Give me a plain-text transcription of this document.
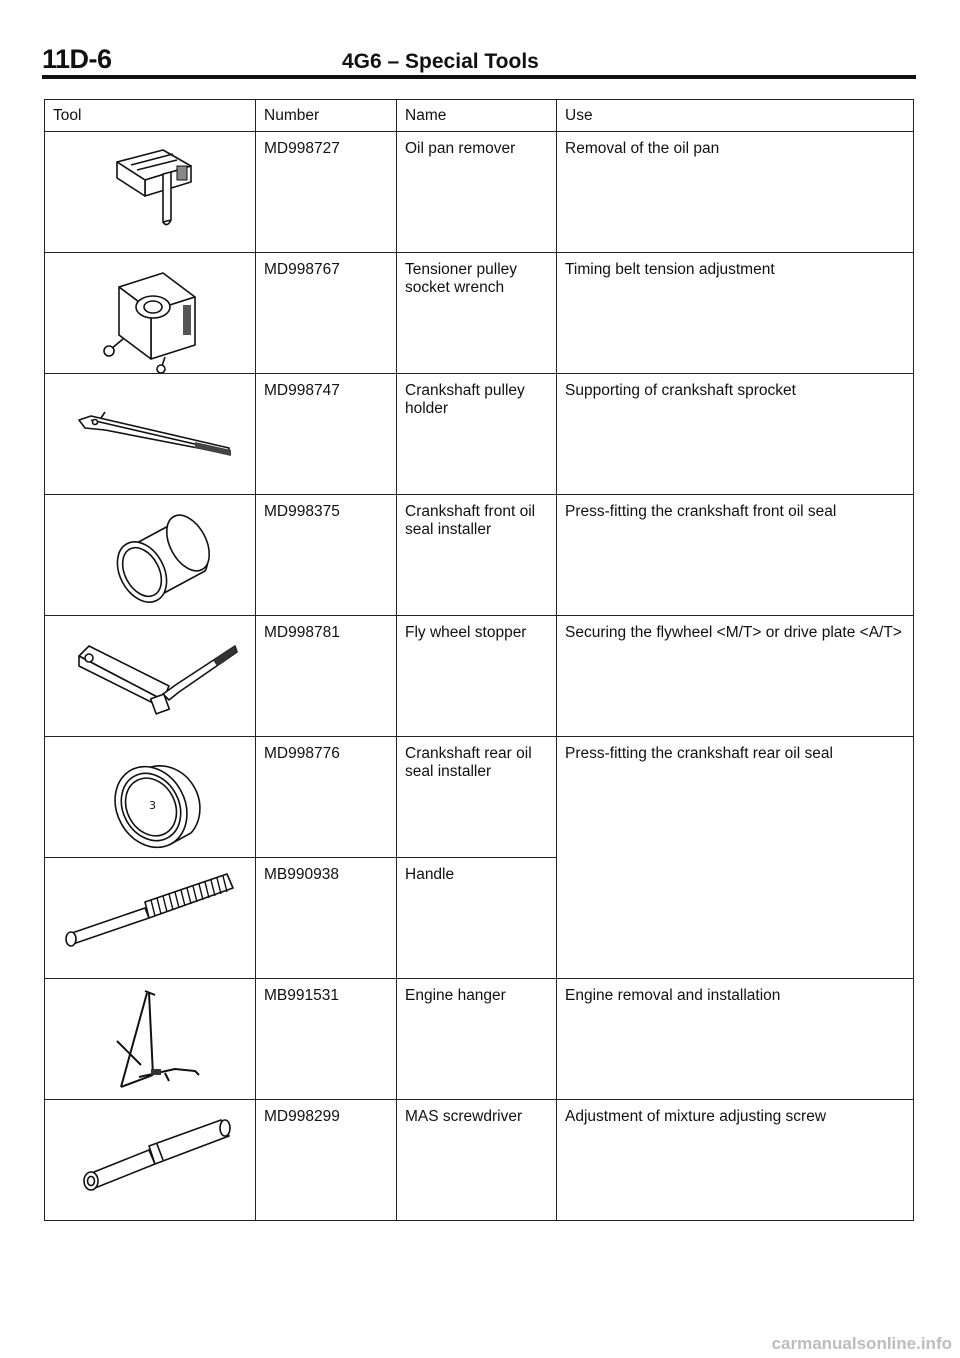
11D-6	4G6 – Special Tools
Tool	Number	Name	Use

	MD998727	Oil pan remover	Removal of the oil pan

	MD998767	Tensioner pulley socket wrench	Timing belt tension adjustment

	MD998747	Crankshaft pulley holder	Supporting of crankshaft sprocket

	MD998375	Crankshaft front oil seal installer	Press-fitting the crankshaft front oil seal

	MD998781	Fly wheel stopper	Securing the flywheel <M/T> or drive plate <A/T>

3	MD998776	Crankshaft rear oil seal installer	Press-fitting the crankshaft rear oil seal

	MB990938	Handle	

	MB991531	Engine hanger	Engine removal and installation

	MD998299	MAS screwdriver	Adjustment of mixture adjusting screw
carmanualsonline.info
